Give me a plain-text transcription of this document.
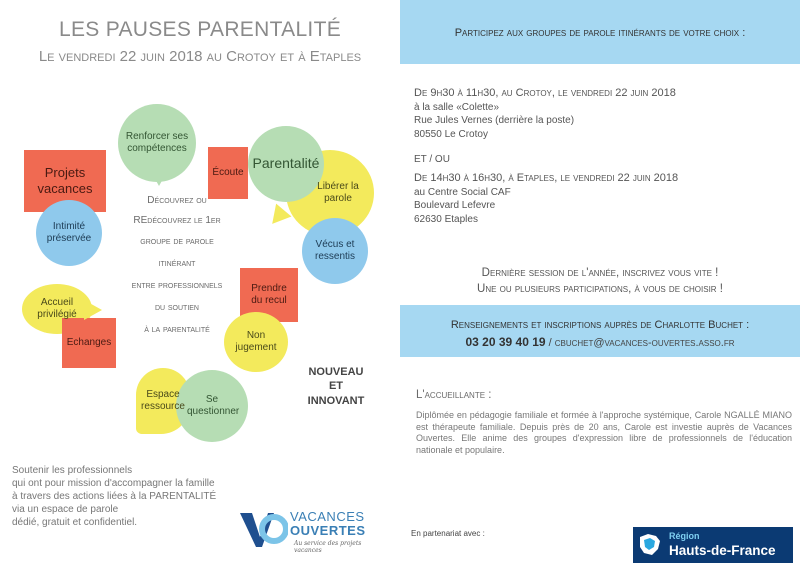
LES PAUSES PARENTALITÉ
Le vendredi 22 juin 2018 au Crotoy et à Etaples
Renforcer ses compétences
Projets vacances
Intimité préservée
Écoute
Libérer la parole
Parentalité
Vécus et ressentis
Prendre du recul
Accueil privilégié
Echanges
Non jugement
Espace ressource
Se questionner
Découvrez ou
REdécouvrez le 1er
groupe de parole
itinérant
entre professionnels
du soutien
à la parentalité
NOUVEAU
ET
INNOVANT
Soutenir les professionnels
qui ont pour mission d'accompagner la famille
à travers des actions liées à la PARENTALITÉ
via un espace de parole
dédié, gratuit et confidentiel.	VACANCES
OUVERTES
Au service des projets vacances
Participez aux groupes de parole itinérants de votre choix :
De 9h30 à 11h30, au Crotoy, le vendredi 22 juin 2018
à la salle «Colette»
Rue Jules Vernes (derrière la poste)
80550 Le Crotoy
ET / OU
De 14h30 à 16h30, à Etaples, le vendredi 22 juin 2018
au Centre Social CAF
Boulevard Lefevre
62630 Etaples
Dernière session de l'année, inscrivez vous vite !
Une ou plusieurs participations, à vous de choisir !
Renseignements et inscriptions auprès de Charlotte Buchet :
03 20 39 40 19 / cbuchet@vacances-ouvertes.asso.fr
L'accueillante :
Diplômée en pédagogie familiale et formée à l'approche systémique, Carole NGALLÉ MIANO est thérapeute familiale. Depuis près de 20 ans, Carole est investie auprès de Vacances Ouvertes. Elle anime des groupes d'expression libre de professionnels de l'éducation nationale et populaire.
En partenariat avec :	Région
Hauts-de-France
